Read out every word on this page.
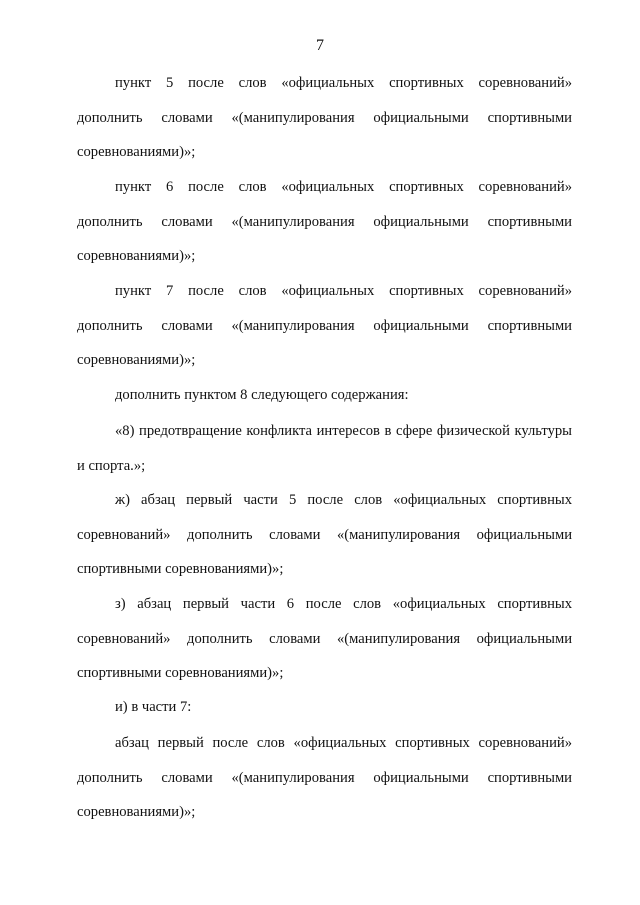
7

пункт 5 после слов «официальных спортивных соревнований» дополнить словами «(манипулирования официальными спортивными соревнованиями)»;

пункт 6 после слов «официальных спортивных соревнований» дополнить словами «(манипулирования официальными спортивными соревнованиями)»;

пункт 7 после слов «официальных спортивных соревнований» дополнить словами «(манипулирования официальными спортивными соревнованиями)»;

дополнить пунктом 8 следующего содержания:

«8) предотвращение конфликта интересов в сфере физической культуры и спорта.»;

ж) абзац первый части 5 после слов «официальных спортивных соревнований» дополнить словами «(манипулирования официальными спортивными соревнованиями)»;

з) абзац первый части 6 после слов «официальных спортивных соревнований» дополнить словами «(манипулирования официальными спортивными соревнованиями)»;

и) в части 7:

абзац первый после слов «официальных спортивных соревнований» дополнить словами «(манипулирования официальными спортивными соревнованиями)»;
